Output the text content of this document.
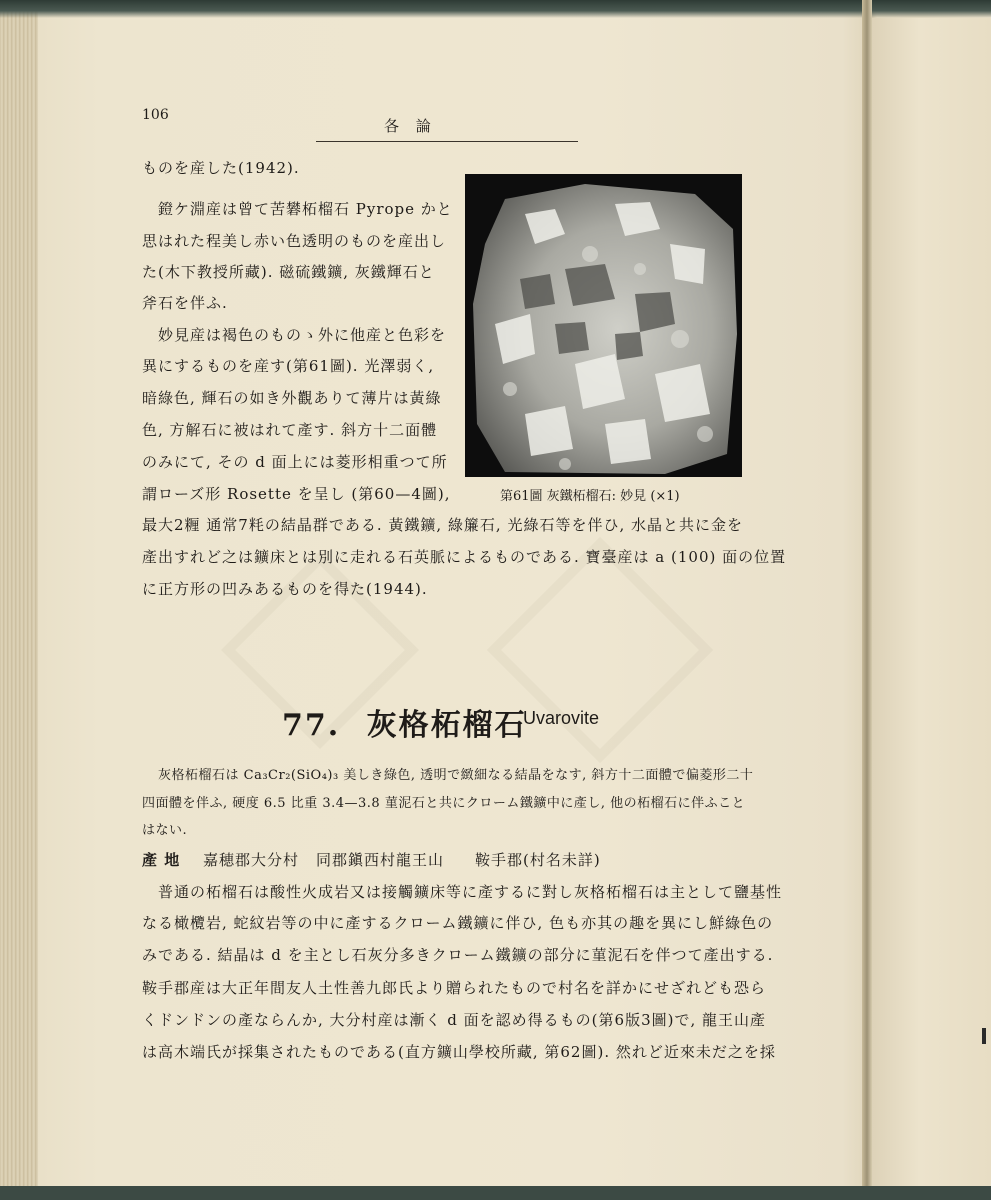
106
各 論
ものを産した(1942).
鐙ケ淵産は曾て苦礬柘榴石 Pyrope かと
思はれた程美し赤い色透明のものを産出し
た(木下教授所藏). 磁硫鐵鑛, 灰鐵輝石と
斧石を伴ふ.
妙見産は褐色のものゝ外に他産と色彩を
異にするものを産す(第61圖). 光澤弱く,
暗綠色, 輝石の如き外觀ありて薄片は黃綠
色, 方解石に被はれて產す. 斜方十二面體
のみにて, その d 面上には菱形相重つて所
謂ローズ形 Rosette を呈し (第60—4圖),	第61圖 灰鐵柘榴石: 妙見 (×1)
最大2糎 通常7粍の結晶群である. 黃鐵鑛, 綠簾石, 光綠石等を伴ひ, 水晶と共に金を
產出すれど之は鑛床とは別に走れる石英脈によるものである. 寶臺産は a (100) 面の位置
に正方形の凹みあるものを得た(1944).
77. 灰格柘榴石
Uvarovite
灰格柘榴石は Ca₃Cr₂(SiO₄)₃ 美しき綠色, 透明で緻細なる結晶をなす, 斜方十二面體で偏菱形二十
四面體を伴ふ, 硬度 6.5 比重 3.4—3.8 菫泥石と共にクローム鐵鑛中に產し, 他の柘榴石に伴ふこと
はない.
產 地 嘉穂郡大分村 同郡鎭西村龍王山 鞍手郡(村名未詳)
普通の柘榴石は酸性火成岩又は接觸鑛床等に產するに對し灰格柘榴石は主として鹽基性
なる橄欖岩, 蛇紋岩等の中に產するクローム鐵鑛に伴ひ, 色も亦其の趣を異にし鮮綠色の
みである. 結晶は d を主とし石灰分多きクローム鐵鑛の部分に菫泥石を伴つて產出する.
鞍手郡産は大正年間友人土性善九郎氏より贈られたもので村名を詳かにせざれども恐ら
くドンドンの產ならんか, 大分村産は漸く d 面を認め得るもの(第6版3圖)で, 龍王山產
は高木端氏が採集されたものである(直方鑛山學校所藏, 第62圖). 然れど近來未だ之を採
